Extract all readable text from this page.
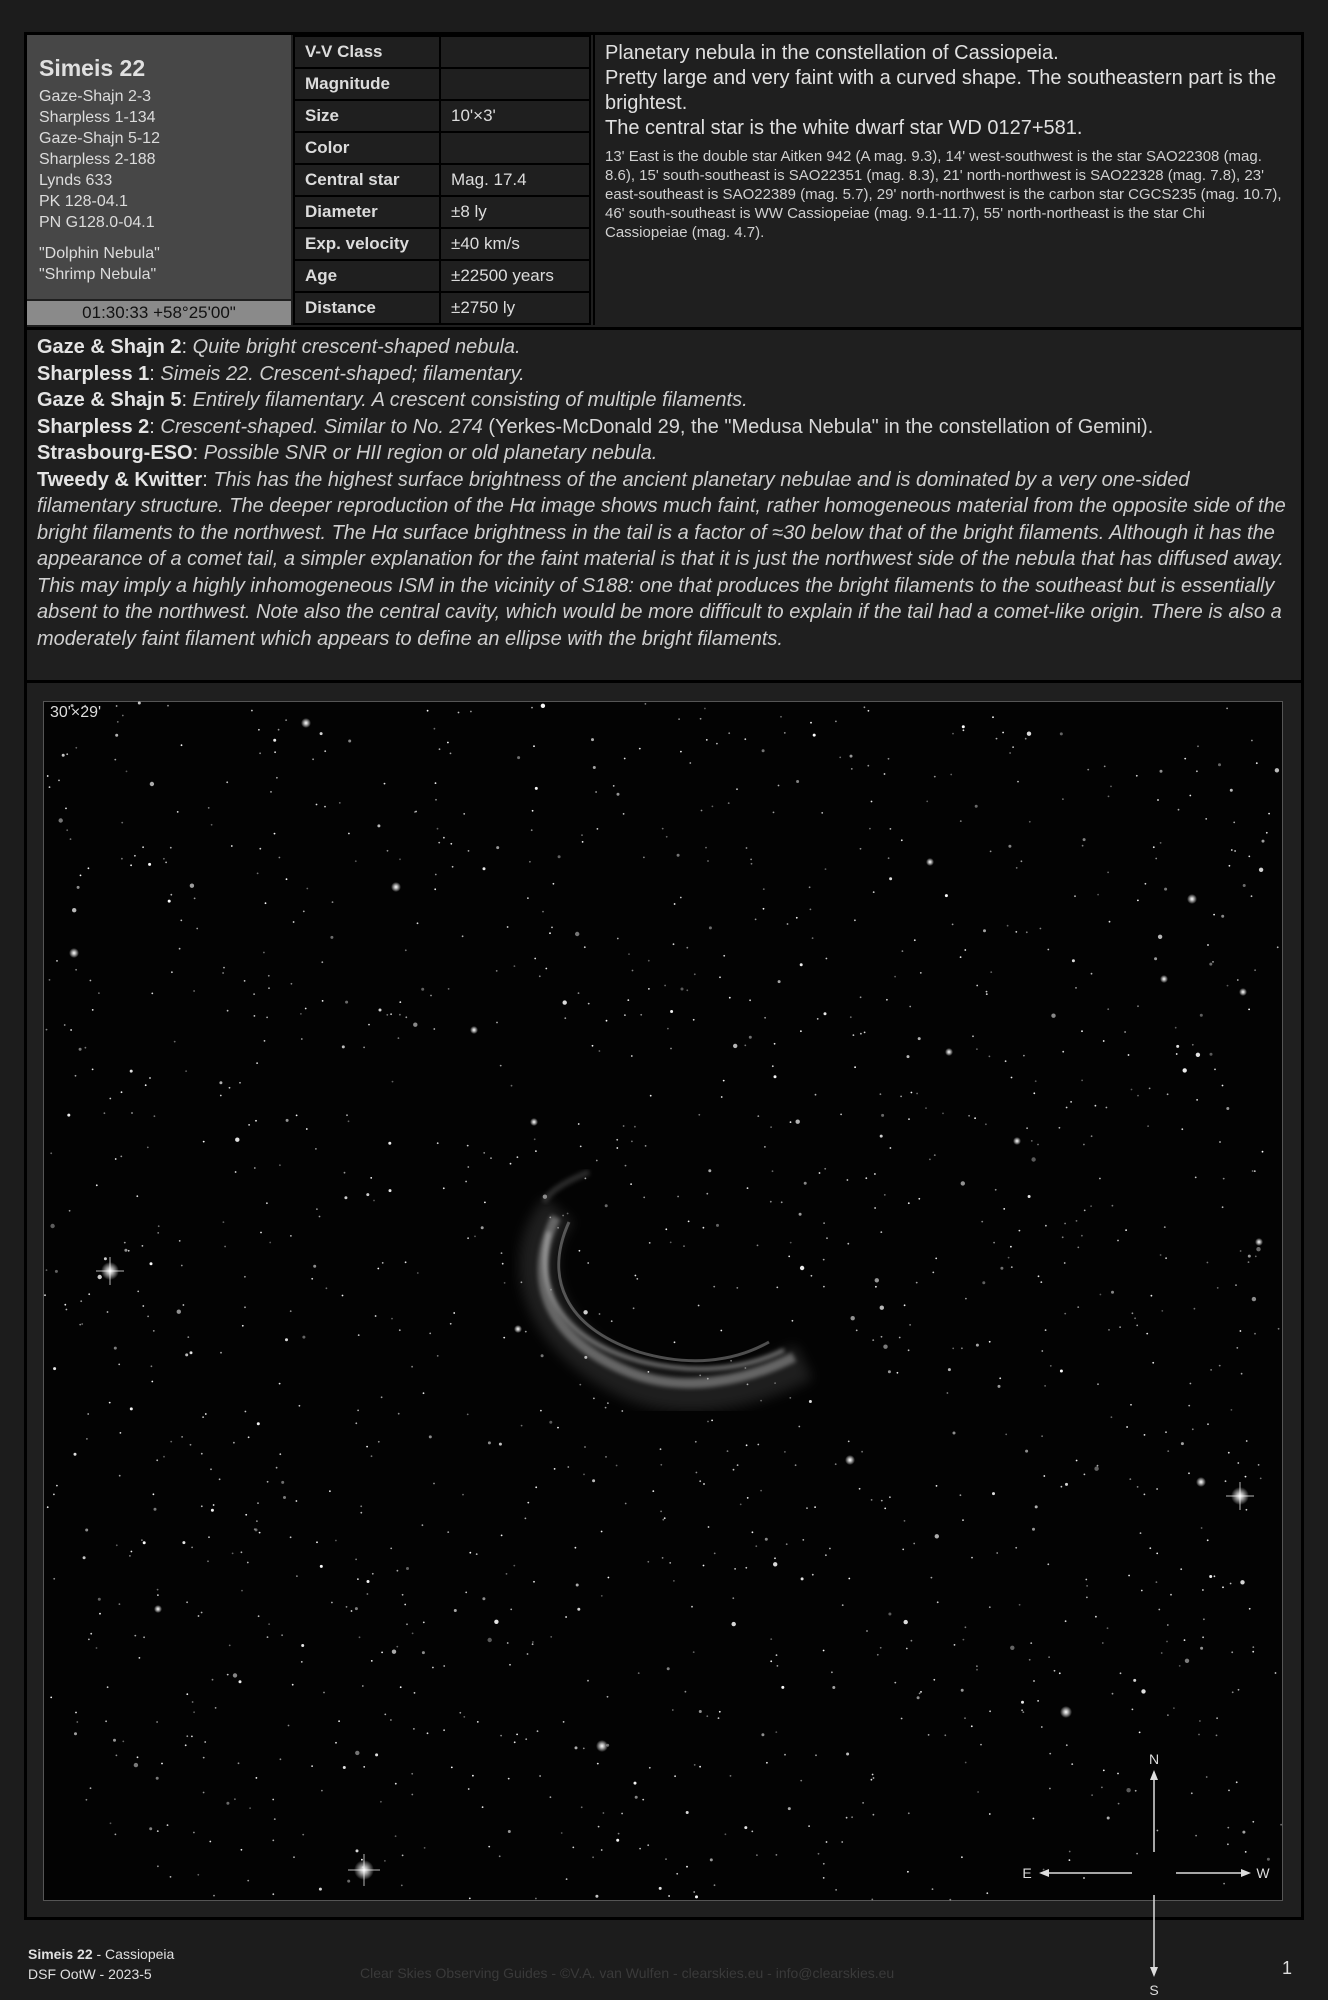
Simeis 22
Gaze-Shajn 2-3
Sharpless 1-134
Gaze-Shajn 5-12
Sharpless 2-188
Lynds 633
PK 128-04.1
PN G128.0-04.1
"Dolphin Nebula"
"Shrimp Nebula"
01:30:33 +58°25'00"
V-V Class	
Magnitude	
Size	10'×3'
Color	
Central star	Mag. 17.4
Diameter	±8 ly
Exp. velocity	±40 km/s
Age	±22500 years
Distance	±2750 ly

Planetary nebula in the constellation of Cassiopeia.

Pretty large and very faint with a curved shape. The southeastern part is the brightest.

The central star is the white dwarf star WD 0127+581.

13' East is the double star Aitken 942 (A mag. 9.3), 14' west-southwest is the star SAO22308 (mag. 8.6), 15' south-southeast is SAO22351 (mag. 8.3), 21' north-northwest is SAO22328 (mag. 7.8), 23' east-southeast is SAO22389 (mag. 5.7), 29' north-northwest is the carbon star CGCS235 (mag. 10.7), 46' south-southeast is WW Cassiopeiae (mag. 9.1-11.7), 55' north-northeast is the star Chi Cassiopeiae (mag. 4.7).

Gaze & Shajn 2: Quite bright crescent-shaped nebula.
Sharpless 1: Simeis 22. Crescent-shaped; filamentary.
Gaze & Shajn 5: Entirely filamentary. A crescent consisting of multiple filaments.
Sharpless 2: Crescent-shaped. Similar to No. 274 (Yerkes-McDonald 29, the "Medusa Nebula" in the constellation of Gemini).
Strasbourg-ESO: Possible SNR or HII region or old planetary nebula.
Tweedy & Kwitter: This has the highest surface brightness of the ancient planetary nebulae and is dominated by a very one-sided filamentary structure. The deeper reproduction of the Hα image shows much faint, rather homogeneous material from the opposite side of the bright filaments to the northwest. The Hα surface brightness in the tail is a factor of ≈30 below that of the bright filaments. Although it has the appearance of a comet tail, a simpler explanation for the faint material is that it is just the northwest side of the nebula that has diffused away. This may imply a highly inhomogeneous ISM in the vicinity of S188: one that produces the bright filaments to the southeast but is essentially absent to the northwest. Note also the central cavity, which would be more difficult to explain if the tail had a comet-like origin. There is also a moderately faint filament which appears to define an ellipse with the bright filaments.
N
S
E	W
30'×29'
Simeis 22 - Cassiopeia
DSF OotW - 2023-5	Clear Skies Observing Guides - ©V.A. van Wulfen - clearskies.eu - info@clearskies.eu	1
